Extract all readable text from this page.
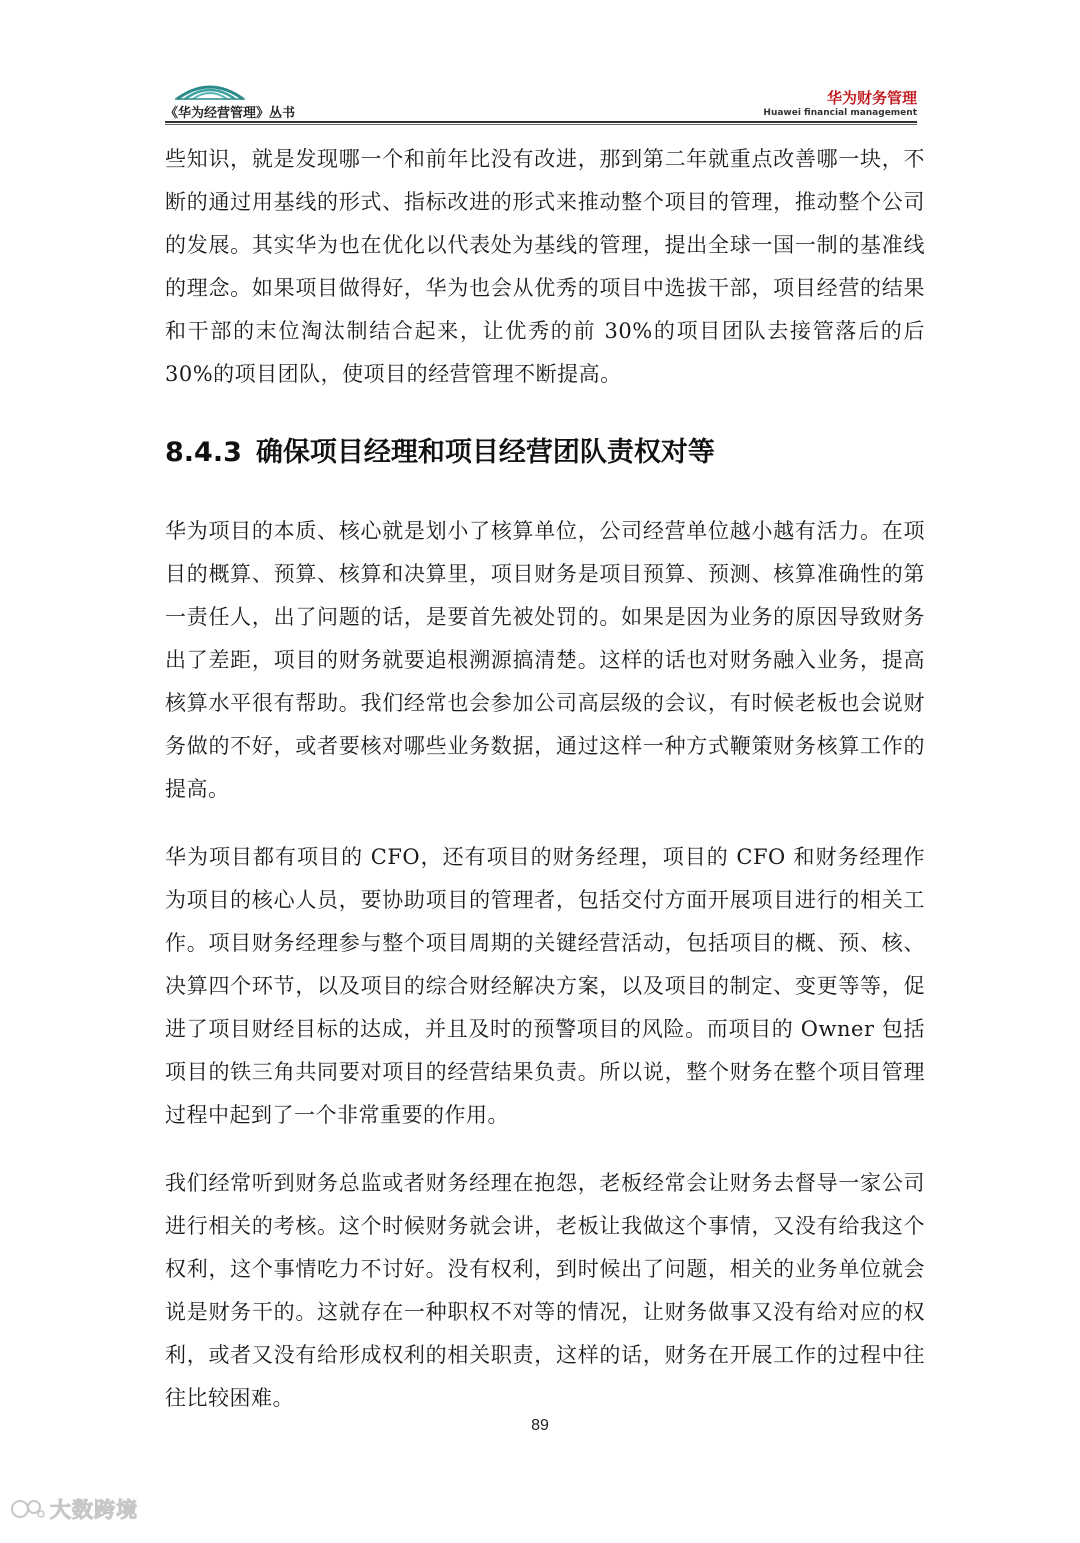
《华为经营管理》丛书
华为财务管理
Huawei financial management

些知识，就是发现哪一个和前年比没有改进，那到第二年就重点改善哪一块，不断的通过用基线的形式、指标改进的形式来推动整个项目的管理，推动整个公司的发展。其实华为也在优化以代表处为基线的管理，提出全球一国一制的基准线的理念。如果项目做得好，华为也会从优秀的项目中选拔干部，项目经营的结果和干部的末位淘汰制结合起来，让优秀的前 30%的项目团队去接管落后的后 30%的项目团队，使项目的经营管理不断提高。

8.4.3 确保项目经理和项目经营团队责权对等

华为项目的本质、核心就是划小了核算单位，公司经营单位越小越有活力。在项目的概算、预算、核算和决算里，项目财务是项目预算、预测、核算准确性的第一责任人，出了问题的话，是要首先被处罚的。如果是因为业务的原因导致财务出了差距，项目的财务就要追根溯源搞清楚。这样的话也对财务融入业务，提高核算水平很有帮助。我们经常也会参加公司高层级的会议，有时候老板也会说财务做的不好，或者要核对哪些业务数据，通过这样一种方式鞭策财务核算工作的提高。

华为项目都有项目的 CFO，还有项目的财务经理，项目的 CFO 和财务经理作为项目的核心人员，要协助项目的管理者，包括交付方面开展项目进行的相关工作。项目财务经理参与整个项目周期的关键经营活动，包括项目的概、预、核、决算四个环节，以及项目的综合财经解决方案，以及项目的制定、变更等等，促进了项目财经目标的达成，并且及时的预警项目的风险。而项目的 Owner 包括项目的铁三角共同要对项目的经营结果负责。所以说，整个财务在整个项目管理过程中起到了一个非常重要的作用。

我们经常听到财务总监或者财务经理在抱怨，老板经常会让财务去督导一家公司进行相关的考核。这个时候财务就会讲，老板让我做这个事情，又没有给我这个权利，这个事情吃力不讨好。没有权利，到时候出了问题，相关的业务单位就会说是财务干的。这就存在一种职权不对等的情况，让财务做事又没有给对应的权利，或者又没有给形成权利的相关职责，这样的话，财务在开展工作的过程中往往比较困难。

89
大数跨境
